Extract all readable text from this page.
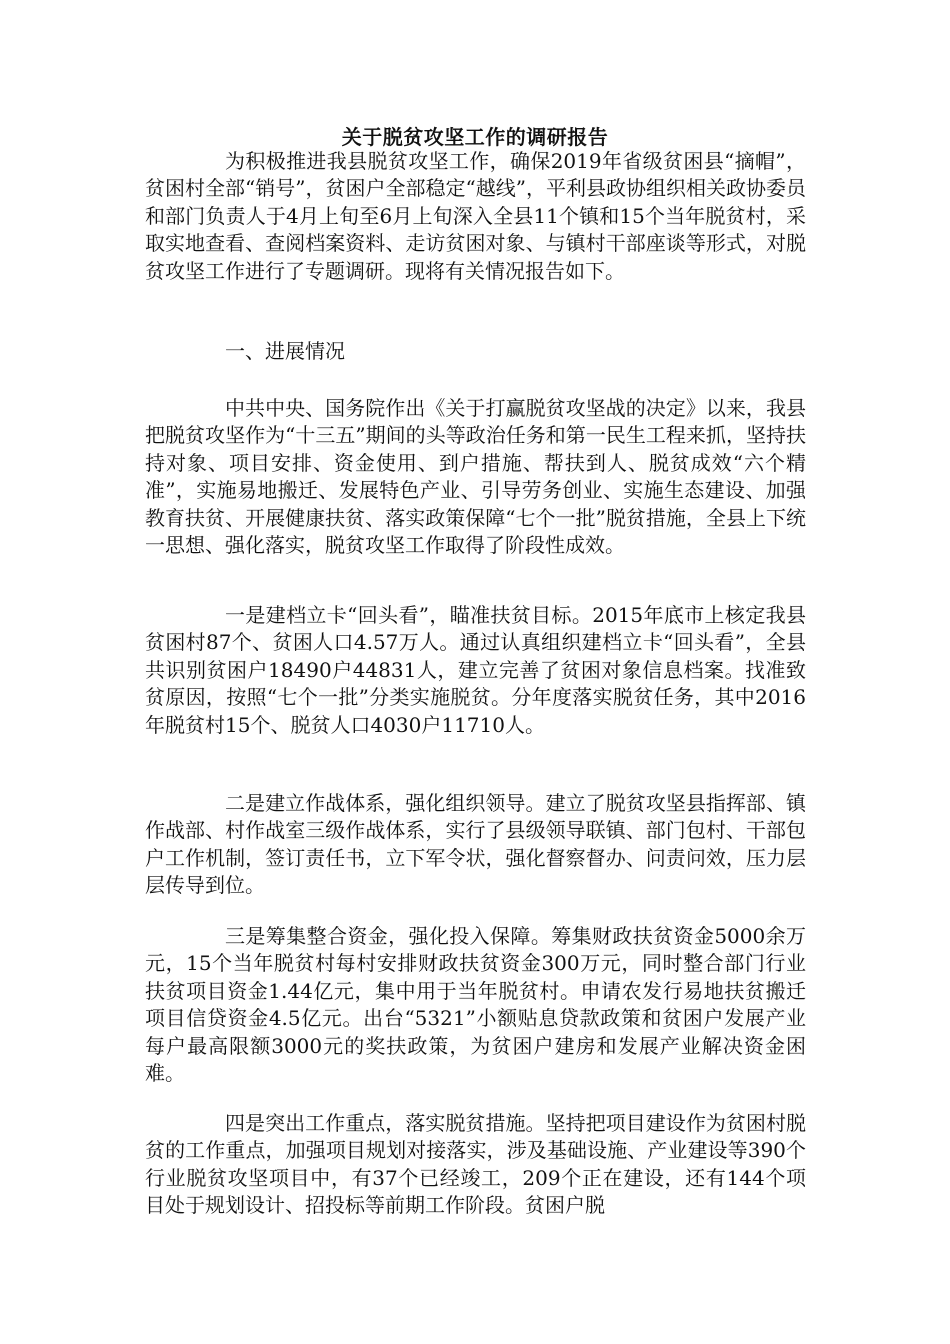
关于脱贫攻坚工作的调研报告

为积极推进我县脱贫攻坚工作，确保2019年省级贫困县“摘帽”，贫困村全部“销号”，贫困户全部稳定“越线”，平利县政协组织相关政协委员和部门负责人于4月上旬至6月上旬深入全县11个镇和15个当年脱贫村，采取实地查看、查阅档案资料、走访贫困对象、与镇村干部座谈等形式，对脱贫攻坚工作进行了专题调研。现将有关情况报告如下。

一、进展情况

中共中央、国务院作出《关于打赢脱贫攻坚战的决定》以来，我县把脱贫攻坚作为“十三五”期间的头等政治任务和第一民生工程来抓，坚持扶持对象、项目安排、资金使用、到户措施、帮扶到人、脱贫成效“六个精准”，实施易地搬迁、发展特色产业、引导劳务创业、实施生态建设、加强教育扶贫、开展健康扶贫、落实政策保障“七个一批”脱贫措施，全县上下统一思想、强化落实，脱贫攻坚工作取得了阶段性成效。

一是建档立卡“回头看”，瞄准扶贫目标。2015年底市上核定我县贫困村87个、贫困人口4.57万人。通过认真组织建档立卡“回头看”，全县共识别贫困户18490户44831人，建立完善了贫困对象信息档案。找准致贫原因，按照“七个一批”分类实施脱贫。分年度落实脱贫任务，其中2016年脱贫村15个、脱贫人口4030户11710人。

二是建立作战体系，强化组织领导。建立了脱贫攻坚县指挥部、镇作战部、村作战室三级作战体系，实行了县级领导联镇、部门包村、干部包户工作机制，签订责任书，立下军令状，强化督察督办、问责问效，压力层层传导到位。

三是筹集整合资金，强化投入保障。筹集财政扶贫资金5000余万元，15个当年脱贫村每村安排财政扶贫资金300万元，同时整合部门行业扶贫项目资金1.44亿元，集中用于当年脱贫村。申请农发行易地扶贫搬迁项目信贷资金4.5亿元。出台“5321”小额贴息贷款政策和贫困户发展产业每户最高限额3000元的奖扶政策，为贫困户建房和发展产业解决资金困难。

四是突出工作重点，落实脱贫措施。坚持把项目建设作为贫困村脱贫的工作重点，加强项目规划对接落实，涉及基础设施、产业建设等390个行业脱贫攻坚项目中，有37个已经竣工，209个正在建设，还有144个项目处于规划设计、招投标等前期工作阶段。贫困户脱
